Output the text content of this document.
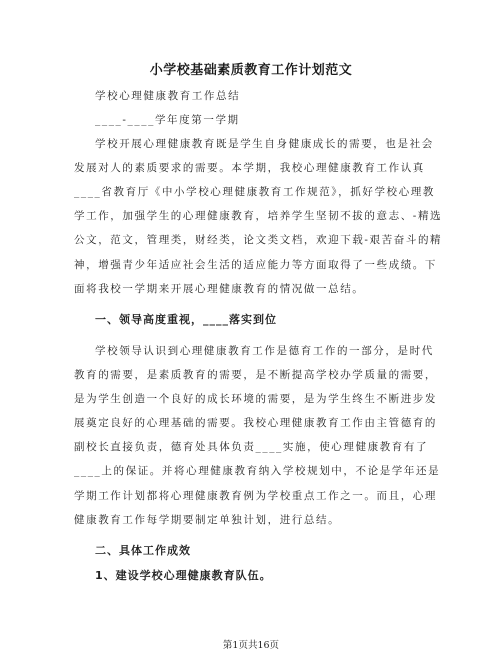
小学校基础素质教育工作计划范文
学校心理健康教育工作总结
____-____学年度第一学期
学校开展心理健康教育既是学生自身健康成长的需要，也是社会
发展对人的素质要求的需要。本学期，我校心理健康教育工作认真
____省教育厅《中小学校心理健康教育工作规范》，抓好学校心理教
学工作，加强学生的心理健康教育，培养学生坚韧不拔的意志、-精选
公文，范文，管理类，财经类，论文类文档，欢迎下载-艰苦奋斗的精
神，增强青少年适应社会生活的适应能力等方面取得了一些成绩。下
面将我校一学期来开展心理健康教育的情况做一总结。
一、领导高度重视，____落实到位
学校领导认识到心理健康教育工作是德育工作的一部分，是时代
教育的需要，是素质教育的需要，是不断提高学校办学质量的需要，
是为学生创造一个良好的成长环境的需要，是为学生终生不断进步发
展奠定良好的心理基础的需要。我校心理健康教育工作由主管德育的
副校长直接负责，德育处具体负责____实施，使心理健康教育有了
____上的保证。并将心理健康教育纳入学校规划中，不论是学年还是
学期工作计划都将心理健康教育例为学校重点工作之一。而且，心理
健康教育工作每学期要制定单独计划，进行总结。
二、具体工作成效
1、建设学校心理健康教育队伍。
第1页共16页
